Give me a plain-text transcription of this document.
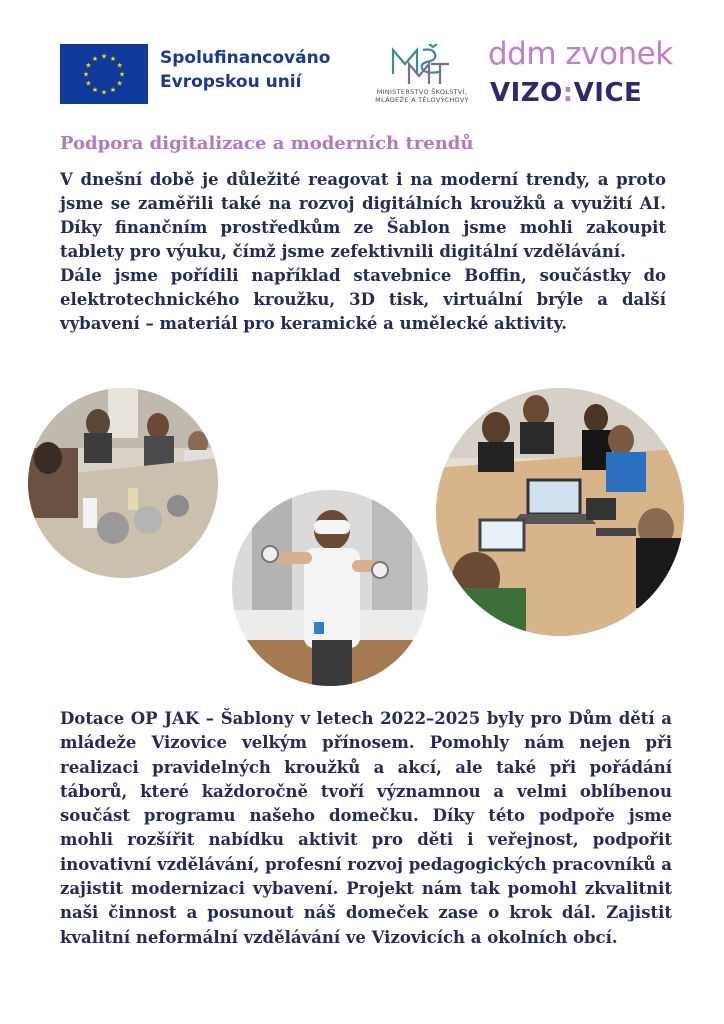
★
★
★
★
★
★
★
★
★ ★ ★
★ Spolufinancováno
Evropskou unií	MINISTERSTVO ŠKOLSTVÍ,
MLÁDEŽE A TĚLOVÝCHOVY
ddm zvonek
VIZO:VICE
Podpora digitalizace a moderních trendů

V dnešní době je důležité reagovat i na moderní trendy, a proto jsme se zaměřili také na rozvoj digitálních kroužků a využití AI. Díky finančním prostředkům ze Šablon jsme mohli zakoupit tablety pro výuku, čímž jsme zefektivnili digitální vzdělávání.

Dále jsme pořídili například stavebnice Boffin, součástky do elektrotechnického kroužku, 3D tisk, virtuální brýle a další vybavení – materiál pro keramické a umělecké aktivity.

Dotace OP JAK – Šablony v letech 2022–2025 byly pro Dům dětí a mládeže Vizovice velkým přínosem. Pomohly nám nejen při realizaci pravidelných kroužků a akcí, ale také při pořádání táborů, které každoročně tvoří významnou a velmi oblíbenou součást programu našeho domečku. Díky této podpoře jsme mohli rozšířit nabídku aktivit pro děti i veřejnost, podpořit inovativní vzdělávání, profesní rozvoj pedagogických pracovníků a zajistit modernizaci vybavení. Projekt nám tak pomohl zkvalitnit naši činnost a posunout náš domeček zase o krok dál. Zajistit kvalitní neformální vzdělávání ve Vizovicích a okolních obcí.
